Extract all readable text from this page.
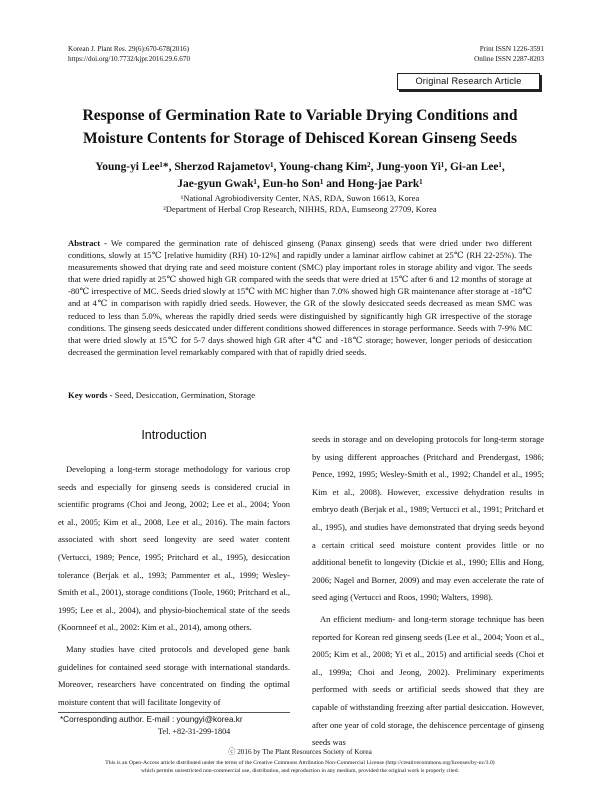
Korean J. Plant Res. 29(6):670-678(2016)
https://doi.org/10.7732/kjpr.2016.29.6.670
Print ISSN 1226-3591
Online ISSN 2287-8203
Original Research Article
Response of Germination Rate to Variable Drying Conditions and
Moisture Contents for Storage of Dehisced Korean Ginseng Seeds
Young-yi Lee¹*, Sherzod Rajametov¹, Young-chang Kim², Jung-yoon Yi¹, Gi-an Lee¹,
Jae-gyun Gwak¹, Eun-ho Son¹ and Hong-jae Park¹
¹National Agrobiodiversity Center, NAS, RDA, Suwon 16613, Korea
²Department of Herbal Crop Research, NIHHS, RDA, Eumseong 27709, Korea
Abstract - We compared the germination rate of dehisced ginseng (Panax ginseng) seeds that were dried under two different conditions, slowly at 15℃ [relative humidity (RH) 10-12%] and rapidly under a laminar airflow cabinet at 25℃ (RH 22-25%). The measurements showed that drying rate and seed moisture content (SMC) play important roles in storage ability and vigor. The seeds that were dried rapidly at 25℃ showed high GR compared with the seeds that were dried at 15℃ after 6 and 12 months of storage at -80℃ irrespective of MC. Seeds dried slowly at 15℃ with MC higher than 7.0% showed high GR maintenance after storage at -18℃ and at 4℃ in comparison with rapidly dried seeds. However, the GR of the slowly desiccated seeds decreased as mean SMC was reduced to less than 5.0%, whereas the rapidly dried seeds were distinguished by significantly high GR irrespective of the storage conditions. The ginseng seeds desiccated under different conditions showed differences in storage performance. Seeds with 7-9% MC that were dried slowly at 15℃ for 5-7 days showed high GR after 4℃ and -18℃ storage; however, longer periods of desiccation decreased the germination level remarkably compared with that of rapidly dried seeds.
Key words - Seed, Desiccation, Germination, Storage
Introduction

Developing a long-term storage methodology for various crop seeds and especially for ginseng seeds is considered crucial in scientific programs (Choi and Jeong, 2002; Lee et al., 2004; Yoon et al., 2005; Kim et al., 2008, Lee et al., 2016). The main factors associated with short seed longevity are seed water content (Vertucci, 1989; Pence, 1995; Pritchard et al., 1995), desiccation tolerance (Berjak et al., 1993; Pammenter et al., 1999; Wesley-Smith et al., 2001), storage conditions (Toole, 1960; Pritchard et al., 1995; Lee et al., 2004), and physio-biochemical state of the seeds (Koornneef et al., 2002: Kim et al., 2014), among others.

Many studies have cited protocols and developed gene bank guidelines for contained seed storage with international standards. Moreover, researchers have concentrated on finding the optimal moisture content that will facilitate longevity of

seeds in storage and on developing protocols for long-term storage by using different approaches (Pritchard and Prendergast, 1986; Pence, 1992, 1995; Wesley-Smith et al., 1992; Chandel et al., 1995; Kim et al., 2008). However, excessive dehydration results in embryo death (Berjak et al., 1989; Vertucci et al., 1991; Pritchard et al., 1995), and studies have demonstrated that drying seeds beyond a certain critical seed moisture content provides little or no additional benefit to longevity (Dickie et al., 1990; Ellis and Hong, 2006; Nagel and Borner, 2009) and may even accelerate the rate of seed aging (Vertucci and Roos, 1990; Walters, 1998).

An efficient medium- and long-term storage technique has been reported for Korean red ginseng seeds (Lee et al., 2004; Yoon et al., 2005; Kim et al., 2008; Yi et al., 2015) and artificial seeds (Choi et al., 1999a; Choi and Jeong, 2002). Preliminary experiments performed with seeds or artificial seeds showed that they are capable of withstanding freezing after partial desiccation. However, after one year of cold storage, the dehiscence percentage of ginseng seeds was

*Corresponding author. E-mail : youngyi@korea.kr
Tel. +82-31-299-1804
ⓒ 2016 by The Plant Resources Society of Korea
This is an Open-Access article distributed under the terms of the Creative Commons Attribution Non-Commercial License (http://creativecommons.org/licenses/by-nc/3.0)
which permits unrestricted non-commercial use, distribution, and reproduction in any medium, provided the original work is properly cited.
